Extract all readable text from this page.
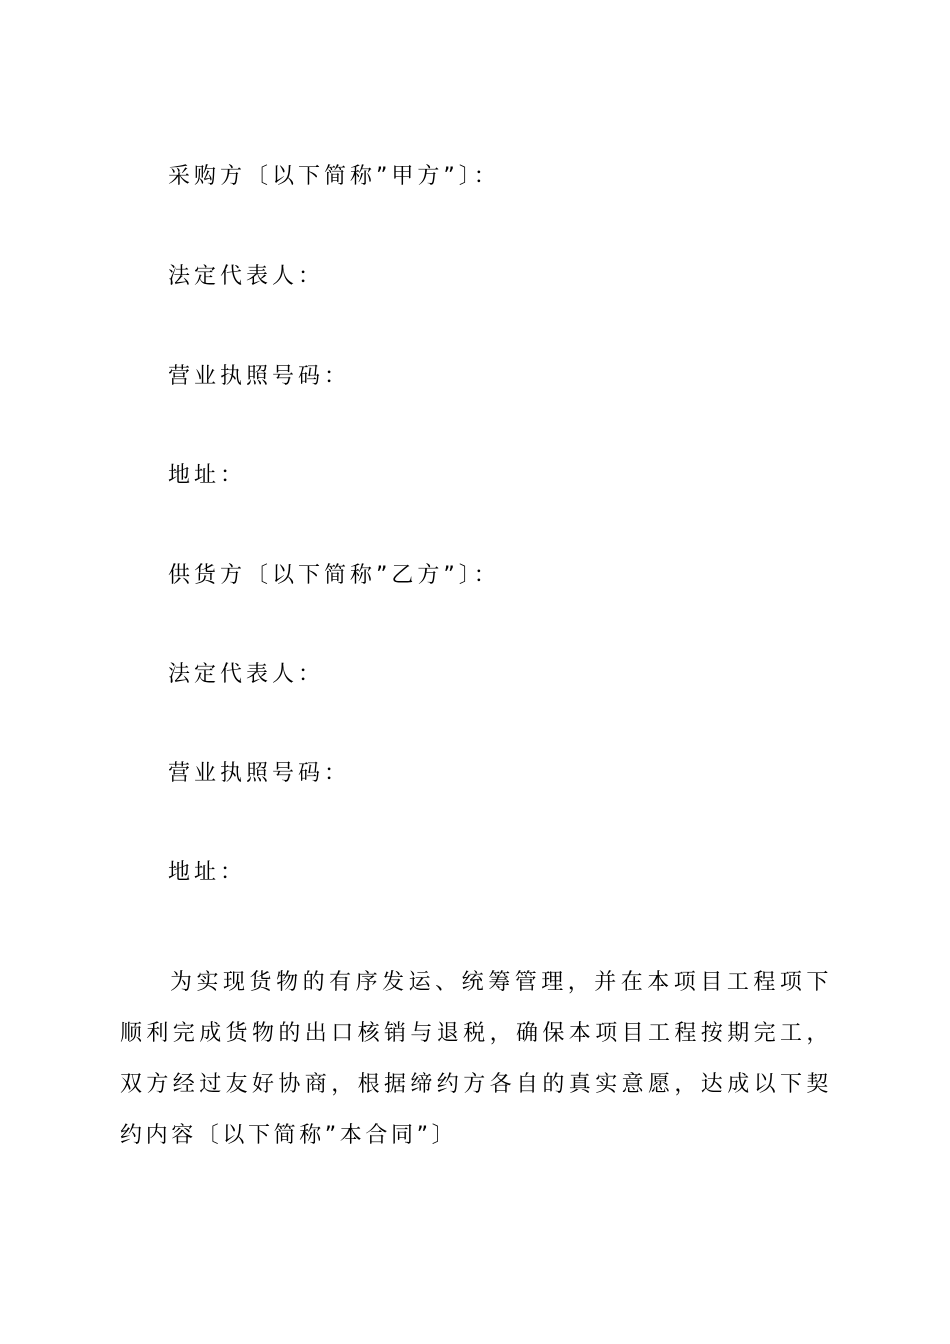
采购方〔以下简称”甲方”〕：
法定代表人：
营业执照号码：
地址：
供货方〔以下简称”乙方”〕：
法定代表人：
营业执照号码：
地址：
为实现货物的有序发运、统筹管理，并在本项目工程项下顺利完成货物的出口核销与退税，确保本项目工程按期完工，双方经过友好协商，根据缔约方各自的真实意愿，达成以下契约内容〔以下简称”本合同”〕
